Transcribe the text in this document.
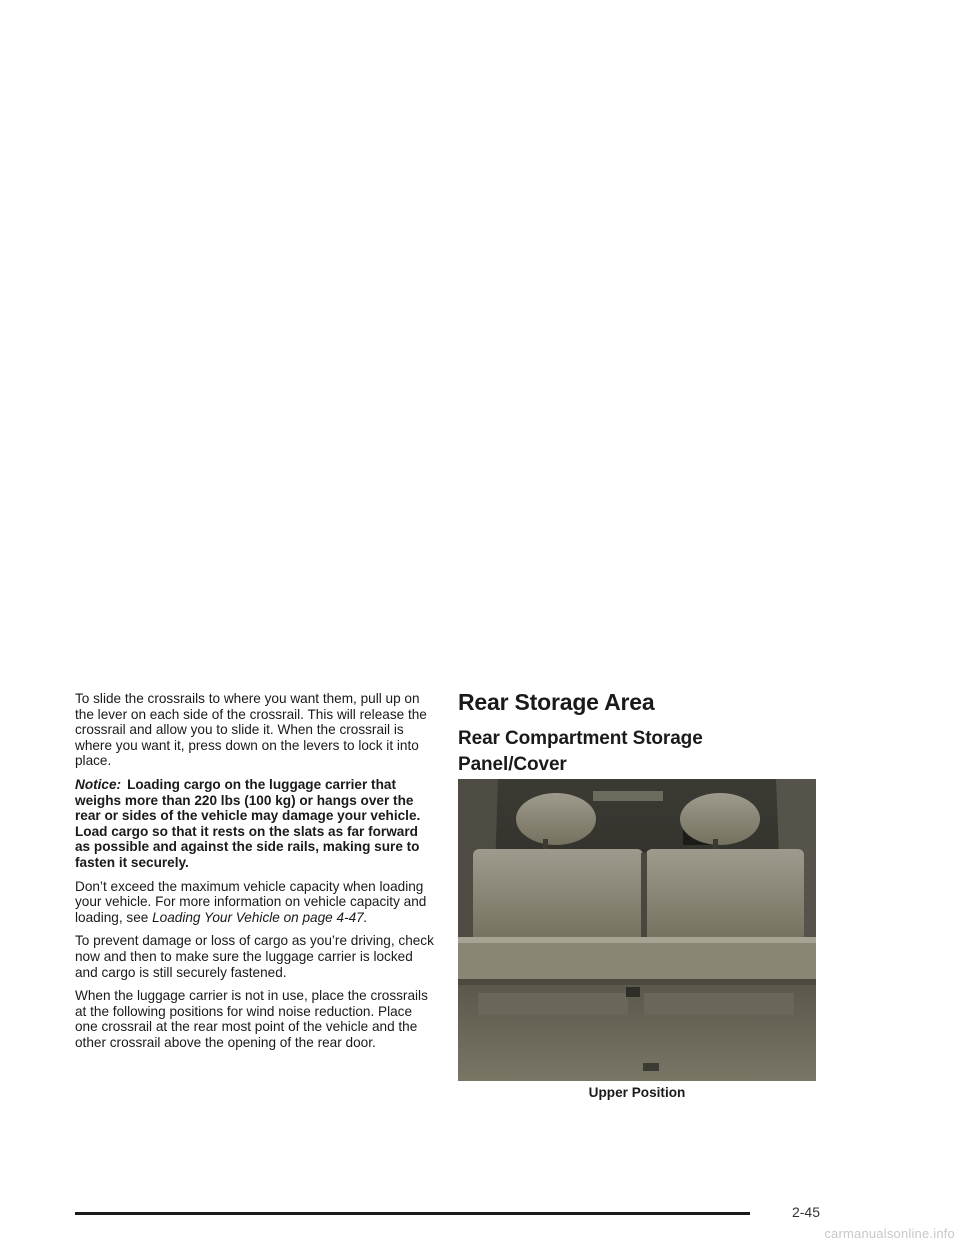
To slide the crossrails to where you want them, pull up on the lever on each side of the crossrail. This will release the crossrail and allow you to slide it. When the crossrail is where you want it, press down on the levers to lock it into place.

Notice: Loading cargo on the luggage carrier that weighs more than 220 lbs (100 kg) or hangs over the rear or sides of the vehicle may damage your vehicle. Load cargo so that it rests on the slats as far forward as possible and against the side rails, making sure to fasten it securely.

Don’t exceed the maximum vehicle capacity when loading your vehicle. For more information on vehicle capacity and loading, see Loading Your Vehicle on page 4-47.

To prevent damage or loss of cargo as you’re driving, check now and then to make sure the luggage carrier is locked and cargo is still securely fastened.

When the luggage carrier is not in use, place the crossrails at the following positions for wind noise reduction. Place one crossrail at the rear most point of the vehicle and the other crossrail above the opening of the rear door.

Rear Storage Area
Rear Compartment Storage
Panel/Cover
Upper Position
2-45
carmanualsonline.info
